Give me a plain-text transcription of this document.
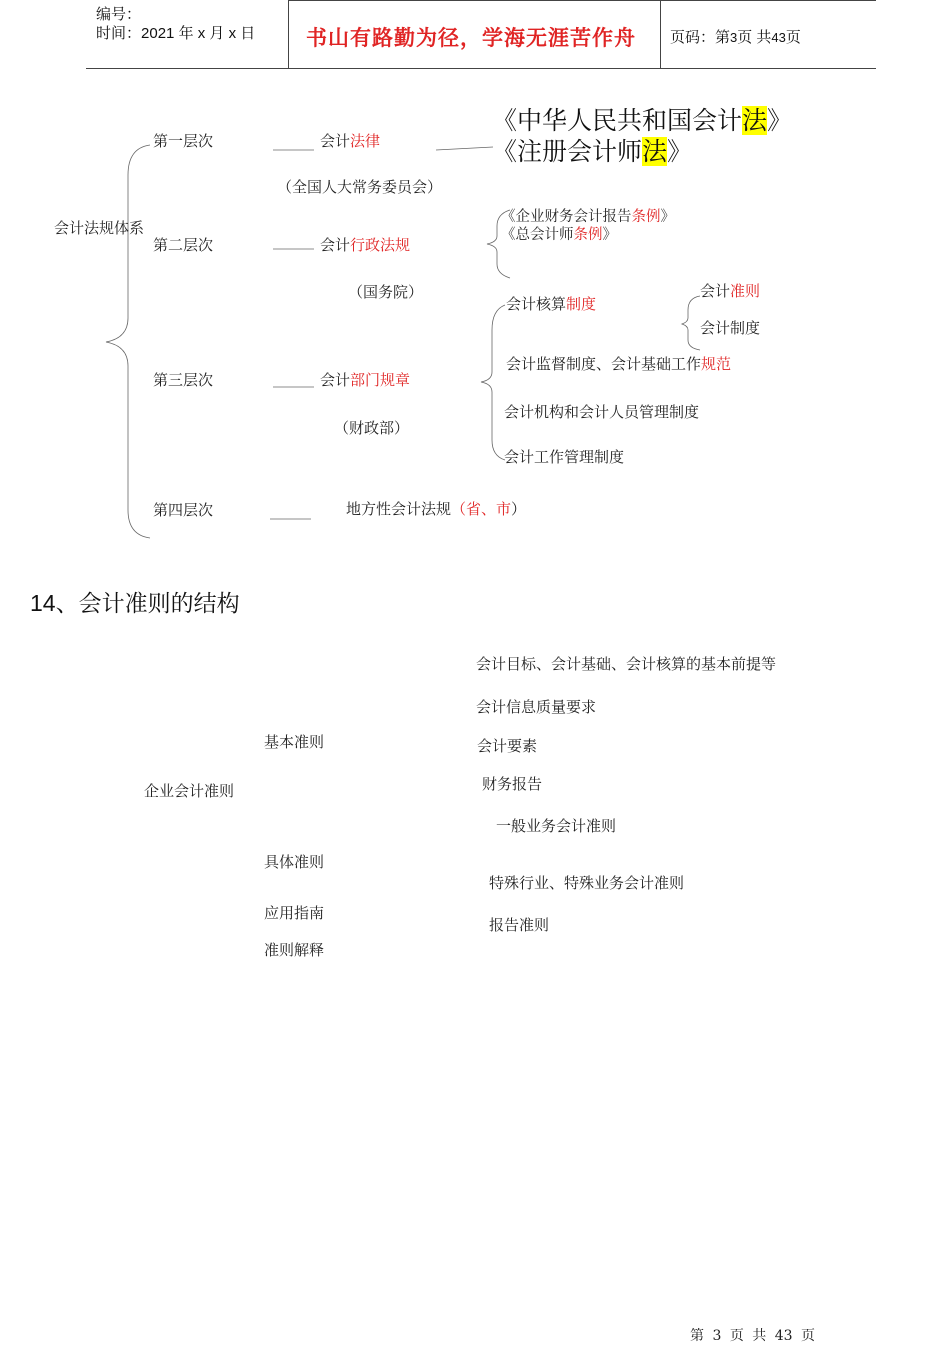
编号：
时间：2021 年 x 月 x 日 书山有路勤为径，学海无涯苦作舟 页码：第3页 共43页
会计法规体系
第一层次	会计法律
（全国人大常务委员会）
《中华人民共和国会计法》
《注册会计师法》
第二层次	会计行政法规
（国务院）
《企业财务会计报告条例》
《总会计师条例》
第三层次	会计部门规章
（财政部）
会计核算制度
会计准则
会计制度
会计监督制度、会计基础工作规范
会计机构和会计人员管理制度
会计工作管理制度
第四层次	地方性会计法规（省、市）
14、会计准则的结构
企业会计准则
基本准则
具体准则
应用指南
准则解释
会计目标、会计基础、会计核算的基本前提等
会计信息质量要求
会计要素
财务报告
一般业务会计准则
特殊行业、特殊业务会计准则
报告准则
第 3 页 共 43 页
